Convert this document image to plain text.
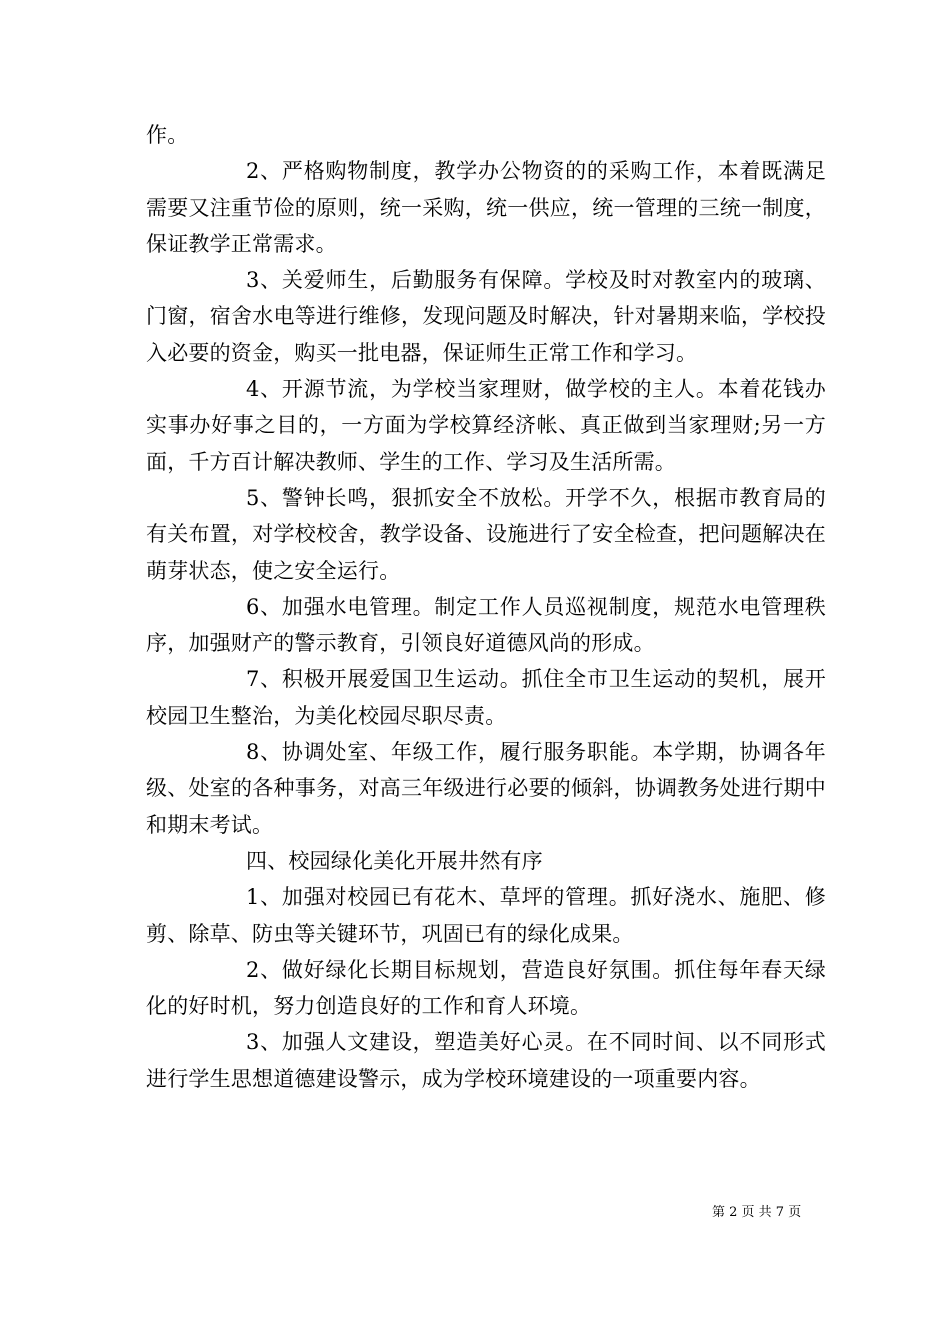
作。

2、严格购物制度，教学办公物资的的采购工作，本着既满足需要又注重节俭的原则，统一采购，统一供应，统一管理的三统一制度，保证教学正常需求。

3、关爱师生，后勤服务有保障。学校及时对教室内的玻璃、门窗，宿舍水电等进行维修，发现问题及时解决，针对暑期来临，学校投入必要的资金，购买一批电器，保证师生正常工作和学习。

4、开源节流，为学校当家理财，做学校的主人。本着花钱办实事办好事之目的，一方面为学校算经济帐、真正做到当家理财;另一方面，千方百计解决教师、学生的工作、学习及生活所需。

5、警钟长鸣，狠抓安全不放松。开学不久，根据市教育局的有关布置，对学校校舍，教学设备、设施进行了安全检查，把问题解决在萌芽状态，使之安全运行。

6、加强水电管理。制定工作人员巡视制度，规范水电管理秩序，加强财产的警示教育，引领良好道德风尚的形成。

7、积极开展爱国卫生运动。抓住全市卫生运动的契机，展开校园卫生整治，为美化校园尽职尽责。

8、协调处室、年级工作，履行服务职能。本学期，协调各年级、处室的各种事务，对高三年级进行必要的倾斜，协调教务处进行期中和期末考试。

四、校园绿化美化开展井然有序

1、加强对校园已有花木、草坪的管理。抓好浇水、施肥、修剪、除草、防虫等关键环节，巩固已有的绿化成果。

2、做好绿化长期目标规划，营造良好氛围。抓住每年春天绿化的好时机，努力创造良好的工作和育人环境。

3、加强人文建设，塑造美好心灵。在不同时间、以不同形式进行学生思想道德建设警示，成为学校环境建设的一项重要内容。

第 2 页 共 7 页
